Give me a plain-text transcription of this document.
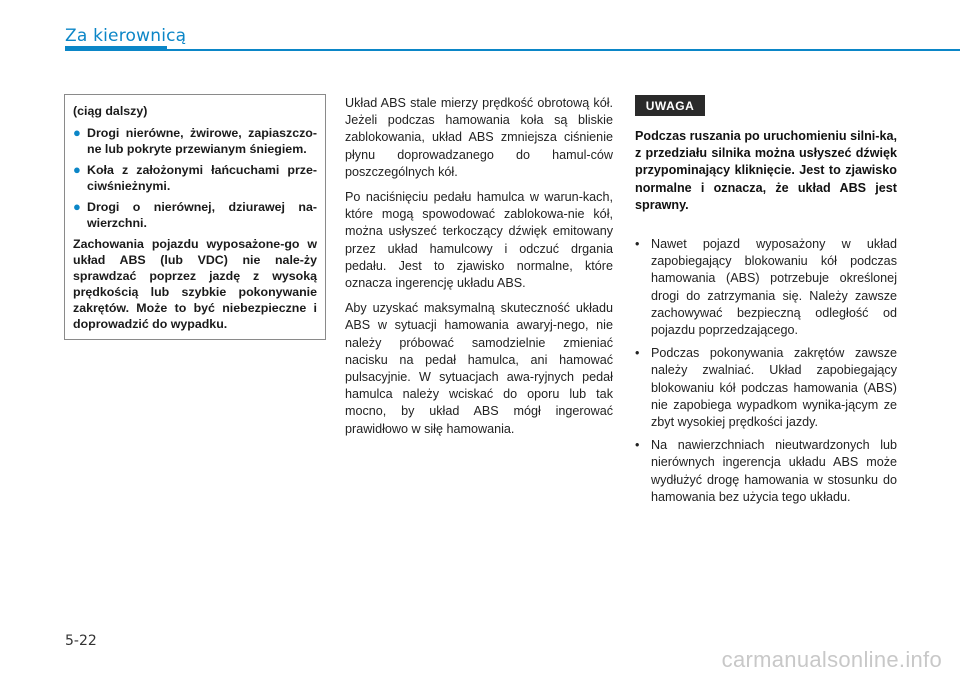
Za kierownicą
(ciąg dalszy)
● Drogi nierówne, żwirowe, zapiaszczo-ne lub pokryte przewianym śniegiem.
● Koła z założonymi łańcuchami prze-ciwśnieżnymi.
● Drogi o nierównej, dziurawej na-wierzchni.

Zachowania pojazdu wyposażone-go w układ ABS (lub VDC) nie nale-ży sprawdzać poprzez jazdę z wysoką prędkością lub szybkie pokonywanie zakrętów. Może to być niebezpieczne i doprowadzić do wypadku.

Układ ABS stale mierzy prędkość obrotową kół. Jeżeli podczas hamowania koła są bliskie zablokowania, układ ABS zmniejsza ciśnienie płynu doprowadzanego do hamul-ców poszczególnych kół.

Po naciśnięciu pedału hamulca w warun-kach, które mogą spowodować zablokowa-nie kół, można usłyszeć terkoczący dźwięk emitowany przez układ hamulcowy i odczuć drgania pedału. Jest to zjawisko normalne, które oznacza ingerencję układu ABS.

Aby uzyskać maksymalną skuteczność układu ABS w sytuacji hamowania awaryj-nego, nie należy próbować samodzielnie zmieniać nacisku na pedał hamulca, ani hamować pulsacyjnie. W sytuacjach awa-ryjnych pedał hamulca należy wciskać do oporu lub tak mocno, by układ ABS mógł ingerować prawidłowo w siłę hamowania.

UWAGA

Podczas ruszania po uruchomieniu silni-ka, z przedziału silnika można usłyszeć dźwięk przypominający kliknięcie. Jest to zjawisko normalne i oznacza, że układ ABS jest sprawny.

• Nawet pojazd wyposażony w układ zapobiegający blokowaniu kół podczas hamowania (ABS) potrzebuje określonej drogi do zatrzymania się. Należy zawsze zachowywać bezpieczną odległość od pojazdu poprzedzającego.
• Podczas pokonywania zakrętów zawsze należy zwalniać. Układ zapobiegający blokowaniu kół podczas hamowania (ABS) nie zapobiega wypadkom wynika-jącym ze zbyt wysokiej prędkości jazdy.
• Na nawierzchniach nieutwardzonych lub nierównych ingerencja układu ABS może wydłużyć drogę hamowania w stosunku do hamowania bez użycia tego układu.
5-22
carmanualsonline.info
